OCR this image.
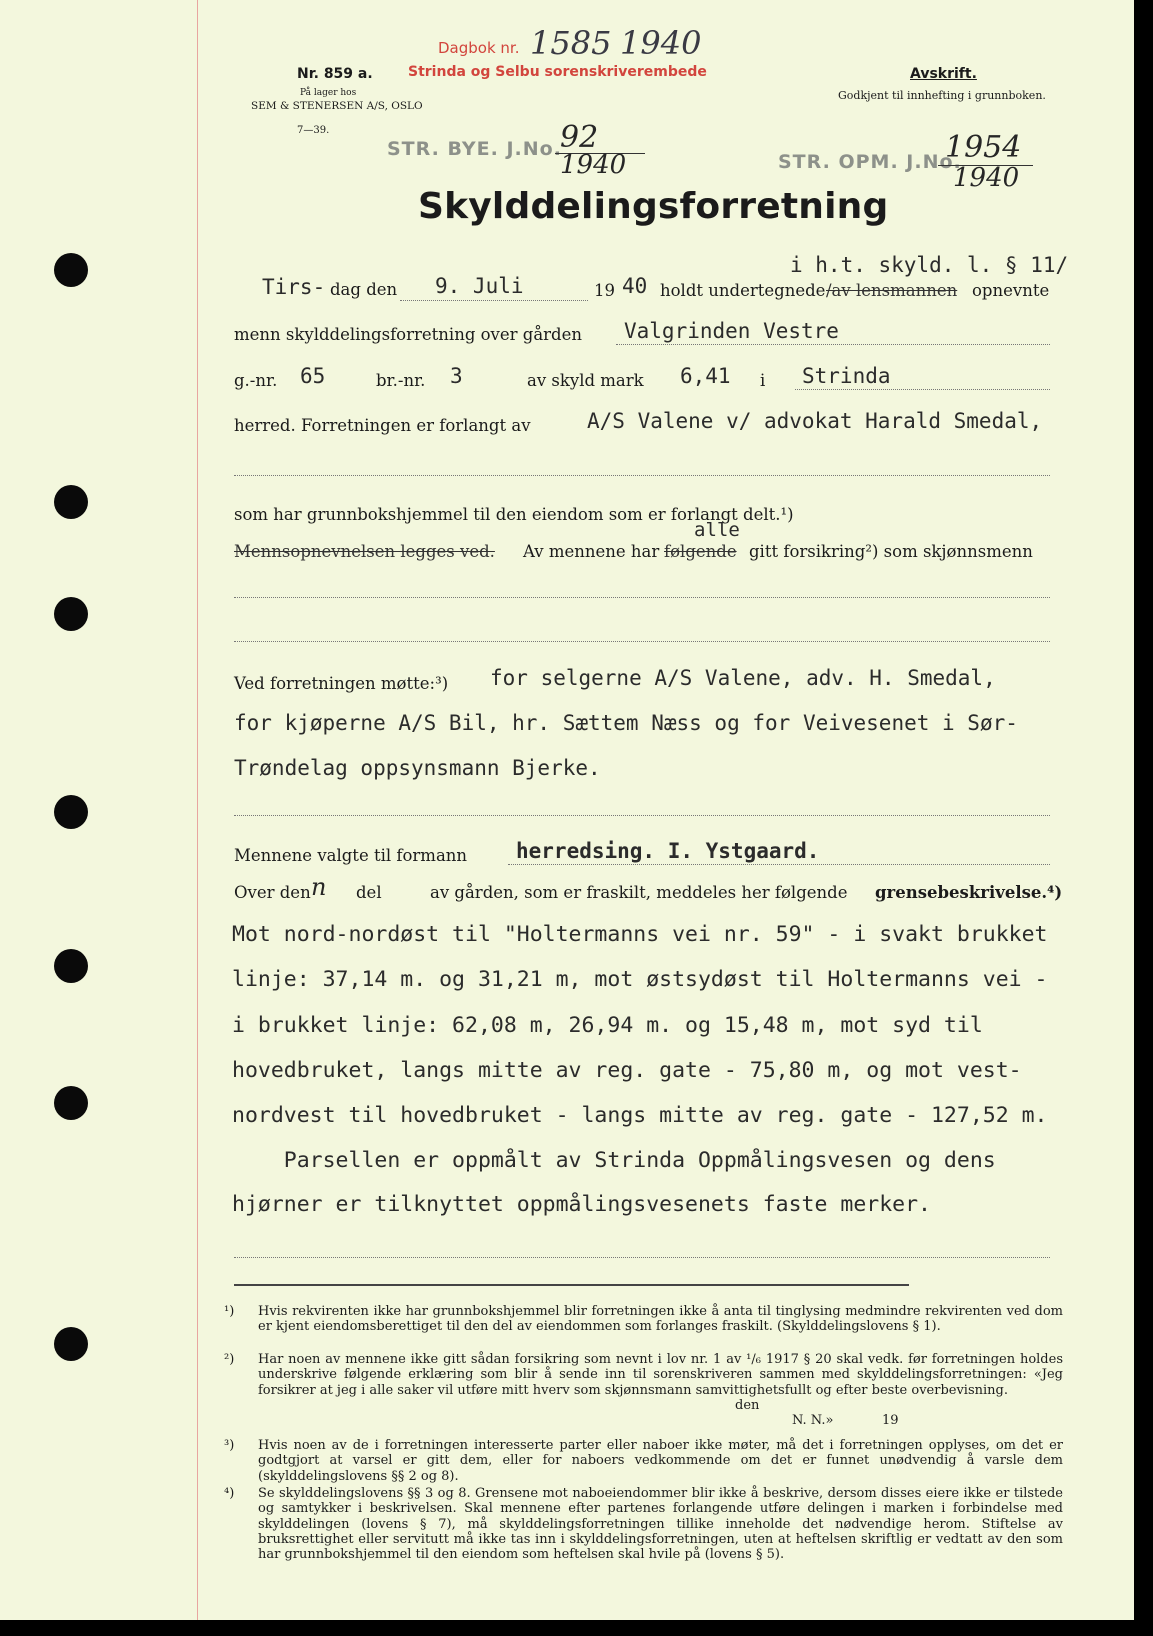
Nr. 859 a.
På lager hos
SEM & STENERSEN A/S, OSLO
7—39.
Dagbok nr. 1585 1940
Strinda og Selbu sorenskriverembede	Avskrift.
Godkjent til innhefting i grunnboken.
STR. BYE. J.No.
92
1940	STR. OPM. J.No.
1954
1940
Skylddelingsforretning
i h.t. skyld. l. § 11/
Tirs- dag den 9. Juli	19 40 holdt undertegnede /av lensmannen opnevnte
menn skylddelingsforretning over gården Valgrinden Vestre
g.-nr. 65	br.-nr. 3	av skyld mark 6,41 i Strinda
herred. Forretningen er forlangt av	A/S Valene v/ advokat Harald Smedal,
som har grunnbokshjemmel til den eiendom som er forlangt delt.¹)
alle
Mennsopnevnelsen legges ved. Av mennene har følgende gitt forsikring²) som skjønnsmenn
Ved forretningen møtte:³) for selgerne A/S Valene, adv. H. Smedal,
for kjøperne A/S Bil, hr. Sættem Næss og for Veivesenet i Sør-
Trøndelag oppsynsmann Bjerke.
Mennene valgte til formann herredsing. I. Ystgaard.
Over den n del	av gården, som er fraskilt, meddeles her følgende grensebeskrivelse.⁴)
Mot nord-nordøst til "Holtermanns vei nr. 59" - i svakt brukket
linje: 37,14 m. og 31,21 m, mot østsydøst til Holtermanns vei -
i brukket linje: 62,08 m, 26,94 m. og 15,48 m, mot syd til
hovedbruket, langs mitte av reg. gate - 75,80 m, og mot vest-
nordvest til hovedbruket - langs mitte av reg. gate - 127,52 m.
Parsellen er oppmålt av Strinda Oppmålingsvesen og dens
hjørner er tilknyttet oppmålingsvesenets faste merker.
¹) Hvis rekvirenten ikke har grunnbokshjemmel blir forretningen ikke å anta til tinglysing medmindre rekvirenten ved dom er kjent eiendomsberettiget til den del av eiendommen som forlanges fraskilt. (Skylddelingslovens § 1).
²) Har noen av mennene ikke gitt sådan forsikring som nevnt i lov nr. 1 av ¹/₆ 1917 § 20 skal vedk. før forretningen holdes underskrive følgende erklæring som blir å sende inn til sorenskriveren sammen med skylddelingsforretningen: «Jeg forsikrer at jeg i alle saker vil utføre mitt hverv som skjønnsmann samvittighetsfullt og efter beste overbevisning.
den
19
N. N.»
³) Hvis noen av de i forretningen interesserte parter eller naboer ikke møter, må det i forretningen opplyses, om det er godtgjort at varsel er gitt dem, eller for naboers vedkommende om det er funnet unødvendig å varsle dem (skylddelingslovens §§ 2 og 8).
⁴) Se skylddelingslovens §§ 3 og 8. Grensene mot naboeiendommer blir ikke å beskrive, dersom disses eiere ikke er tilstede og samtykker i beskrivelsen. Skal mennene efter partenes forlangende utføre delingen i marken i forbindelse med skylddelingen (lovens § 7), må skylddelingsforretningen tillike inneholde det nødvendige herom. Stiftelse av bruksrettighet eller servitutt må ikke tas inn i skylddelingsforretningen, uten at heftelsen skriftlig er vedtatt av den som har grunnbokshjemmel til den eiendom som heftelsen skal hvile på (lovens § 5).
